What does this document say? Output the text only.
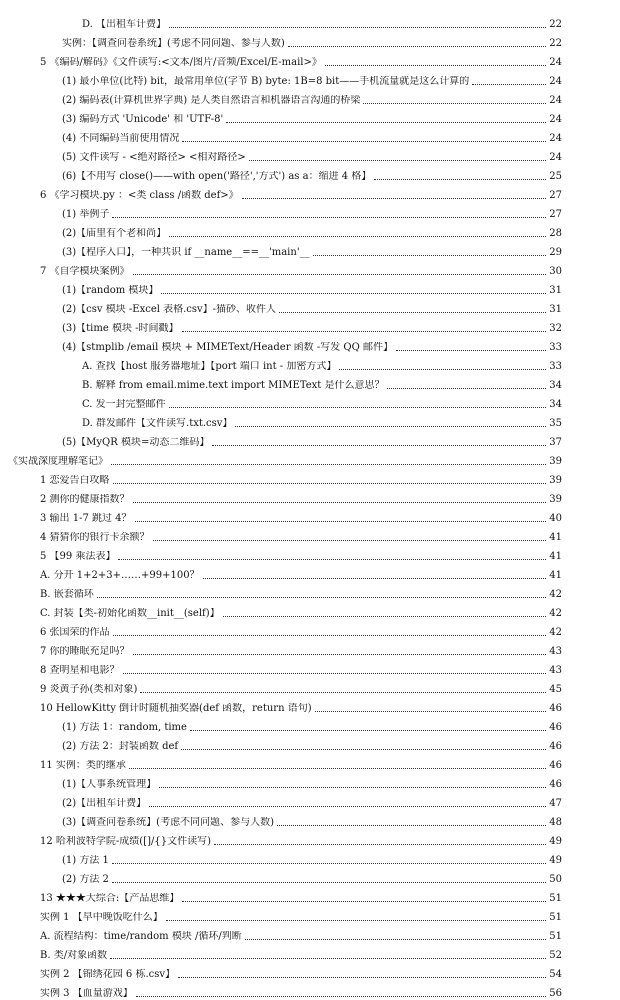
D. 【出租车计费】	22
实例：【调查问卷系统】(考虑不同问题、参与人数)	22
5 《编码/解码》《文件读写:<文本/图片/音频/Excel/E-mail>》	24
(1) 最小单位(比特) bit，最常用单位(字节 B) byte: 1B=8 bit——手机流量就是这么计算的	24
(2) 编码表(计算机世界字典) 是人类自然语言和机器语言沟通的桥梁	24
(3) 编码方式 'Unicode' 和 'UTF-8'	24
(4) 不同编码当前使用情况	24
(5) 文件读写 - <绝对路径> <相对路径>	24
(6)【不用写 close()——with open('路径','方式') as a：缩进 4 格】	25
6 《学习模块.py ：<类 class /函数 def>》	27
(1) 举例子	27
(2)【庙里有个老和尚】	28
(3)【程序入口】，一种共识 if __name__==__'main'__	29
7 《自学模块案例》	30
(1)【random 模块】	31
(2)【csv 模块 -Excel 表格.csv】-猫砂、收件人	31
(3)【time 模块 -时间戳】	32
(4)【stmplib /email 模块 + MIMEText/Header 函数 -写发 QQ 邮件】	33
A. 查找【host 服务器地址】【port 端口 int - 加密方式】	33
B. 解释 from email.mime.text import MIMEText 是什么意思？	34
C. 发一封完整邮件	34
D. 群发邮件【文件读写.txt.csv】	35
(5)【MyQR 模块=动态二维码】	37
《实战深度理解笔记》	39
1 恋爱告白攻略	39
2 测你的健康指数？	39
3 输出 1-7 跳过 4？	40
4 猜猜你的银行卡余额？	41
5 【99 乘法表】	41
A. 分开 1+2+3+……+99+100？	41
B. 嵌套循环	42
C. 封装【类-初始化函数__init__(self)】	42
6 张国荣的作品	42
7 你的睡眠充足吗？	43
8 查明星和电影？	43
9 炎黄子孙(类和对象)	45
10 HellowKitty 倒计时随机抽奖器(def 函数，return 语句)	46
(1) 方法 1：random, time	46
(2) 方法 2：封装函数 def	46
11 实例：类的继承	46
(1)【人事系统管理】	46
(2)【出租车计费】	47
(3)【调查问卷系统】(考虑不同问题、参与人数)	48
12 哈利波特学院-成绩([]/{}文件读写)	49
(1) 方法 1	49
(2) 方法 2	50
13 ★★★大综合:【产品思维】	51
实例 1 【早中晚饭吃什么】	51
A. 流程结构：time/random 模块 /循环/判断	51
B. 类/对象函数	52
实例 2 【锦绣花园 6 栋.csv】	54
实例 3 【血量游戏】	56
